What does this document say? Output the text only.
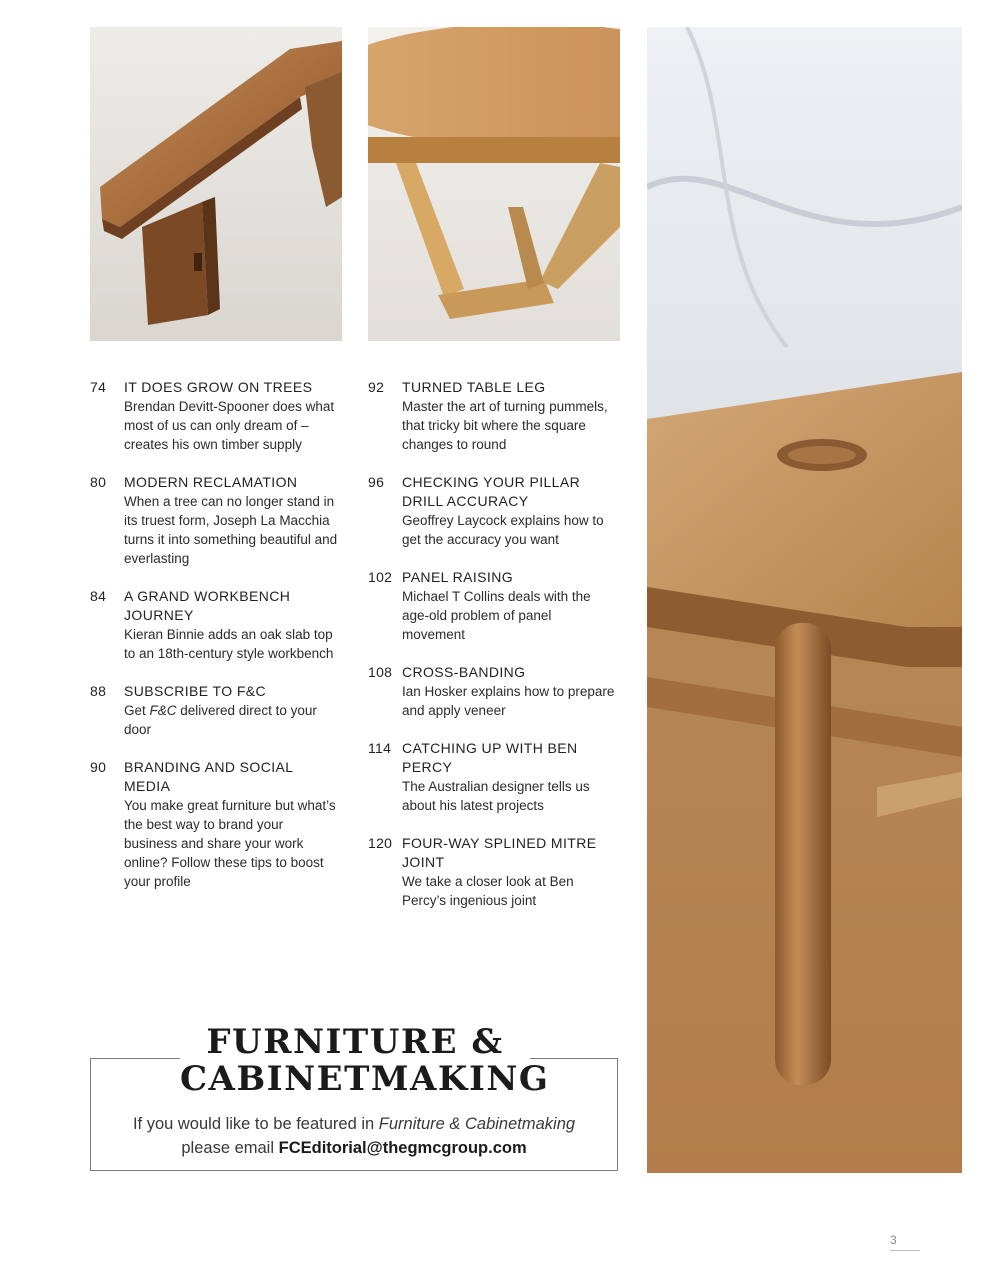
74 IT DOES GROW ON TREES
Brendan Devitt-Spooner does what most of us can only dream of – creates his own timber supply
80 MODERN RECLAMATION
When a tree can no longer stand in its truest form, Joseph La Macchia turns it into something beautiful and everlasting
84 A GRAND WORKBENCH JOURNEY
Kieran Binnie adds an oak slab top to an 18th-century style workbench
88 SUBSCRIBE TO F&C
Get F&C delivered direct to your door
90 BRANDING AND SOCIAL MEDIA
You make great furniture but what’s the best way to brand your business and share your work online? Follow these tips to boost your profile
92 TURNED TABLE LEG
Master the art of turning pummels, that tricky bit where the square changes to round
96 CHECKING YOUR PILLAR DRILL ACCURACY
Geoffrey Laycock explains how to get the accuracy you want
102 PANEL RAISING
Michael T Collins deals with the age-old problem of panel movement
108 CROSS-BANDING
Ian Hosker explains how to prepare and apply veneer
114 CATCHING UP WITH BEN PERCY
The Australian designer tells us about his latest projects
120 FOUR-WAY SPLINED MITRE JOINT
We take a closer look at Ben Percy’s ingenious joint
FURNITURE &
CABINETMAKING
If you would like to be featured in Furniture & Cabinetmaking
please email FCEditorial@thegmcgroup.com
3
